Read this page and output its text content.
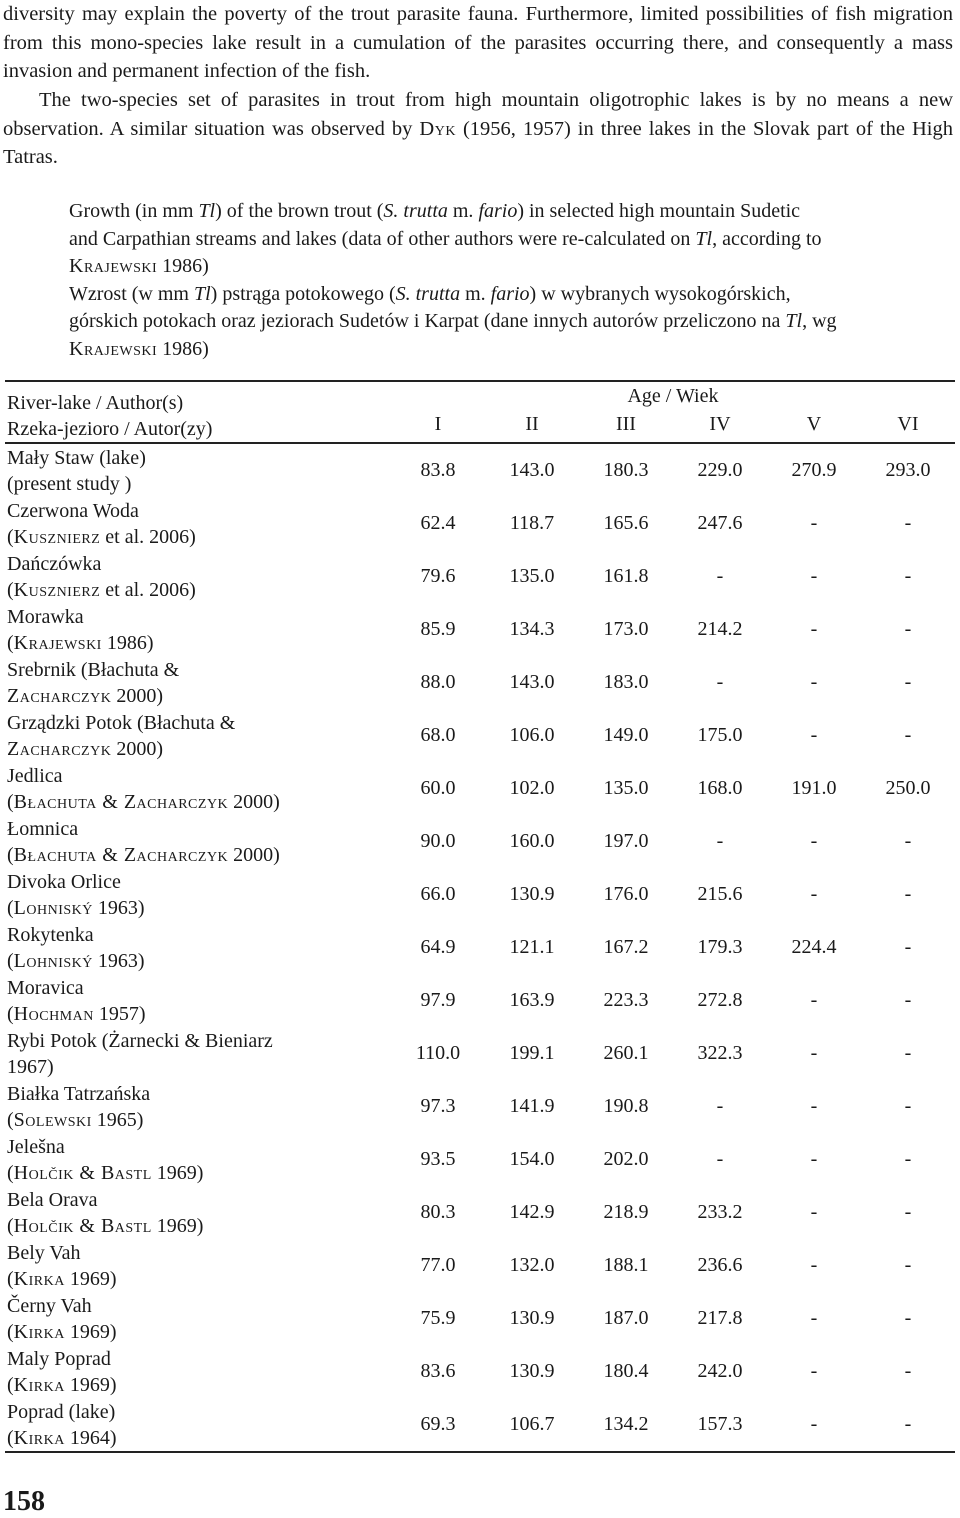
diversity may explain the poverty of the trout parasite fauna. Furthermore, limited possibilities of fish migration from this mono-species lake result in a cumulation of the parasites occurring there, and consequently a mass invasion and permanent infection of the fish.

The two-species set of parasites in trout from high mountain oligotrophic lakes is by no means a new observation. A similar situation was observed by Dyk (1956, 1957) in three lakes in the Slovak part of the High Tatras.

Growth (in mm Tl) of the brown trout (S. trutta m. fario) in selected high mountain Sudetic
and Carpathian streams and lakes (data of other authors were re-calculated on Tl, according to
Krajewski 1986)
Wzrost (w mm Tl) pstrąga potokowego (S. trutta m. fario) w wybranych wysokogórskich,
górskich potokach oraz jeziorach Sudetów i Karpat (dane innych autorów przeliczono na Tl, wg
Krajewski 1986)
River-lake / Author(s)
Rzeka-jezioro / Autor(zy)			Age / Wiek			
	I	II	III	IV	V	VI

Mały Staw (lake)
(present study )	83.8	143.0	180.3	229.0	270.9	293.0

Czerwona Woda
(Kusznierz et al. 2006)	62.4	118.7	165.6	247.6	-	-

Dańczówka
(Kusznierz et al. 2006)	79.6	135.0	161.8	-	-	-

Morawka
(Krajewski 1986)	85.9	134.3	173.0	214.2	-	-

Srebrnik (Błachuta &
Zacharczyk 2000)	88.0	143.0	183.0	-	-	-

Grządzki Potok (Błachuta &
Zacharczyk 2000)	68.0	106.0	149.0	175.0	-	-

Jedlica
(Błachuta & Zacharczyk 2000)	60.0	102.0	135.0	168.0	191.0	250.0

Łomnica
(Błachuta & Zacharczyk 2000)	90.0	160.0	197.0	-	-	-

Divoka Orlice
(Lohniský 1963)	66.0	130.9	176.0	215.6	-	-

Rokytenka
(Lohniský 1963)	64.9	121.1	167.2	179.3	224.4	-

Moravica
(Hochman 1957)	97.9	163.9	223.3	272.8	-	-

Rybi Potok (Żarnecki & Bieniarz
1967)	110.0	199.1	260.1	322.3	-	-

Białka Tatrzańska
(Solewski 1965)	97.3	141.9	190.8	-	-	-

Jelešna
(Holčik & Bastl 1969)	93.5	154.0	202.0	-	-	-

Bela Orava
(Holčik & Bastl 1969)	80.3	142.9	218.9	233.2	-	-

Bely Vah
(Kirka 1969)	77.0	132.0	188.1	236.6	-	-

Černy Vah
(Kirka 1969)	75.9	130.9	187.0	217.8	-	-

Maly Poprad
(Kirka 1969)	83.6	130.9	180.4	242.0	-	-

Poprad (lake)
(Kirka 1964)	69.3	106.7	134.2	157.3	-	-
158
